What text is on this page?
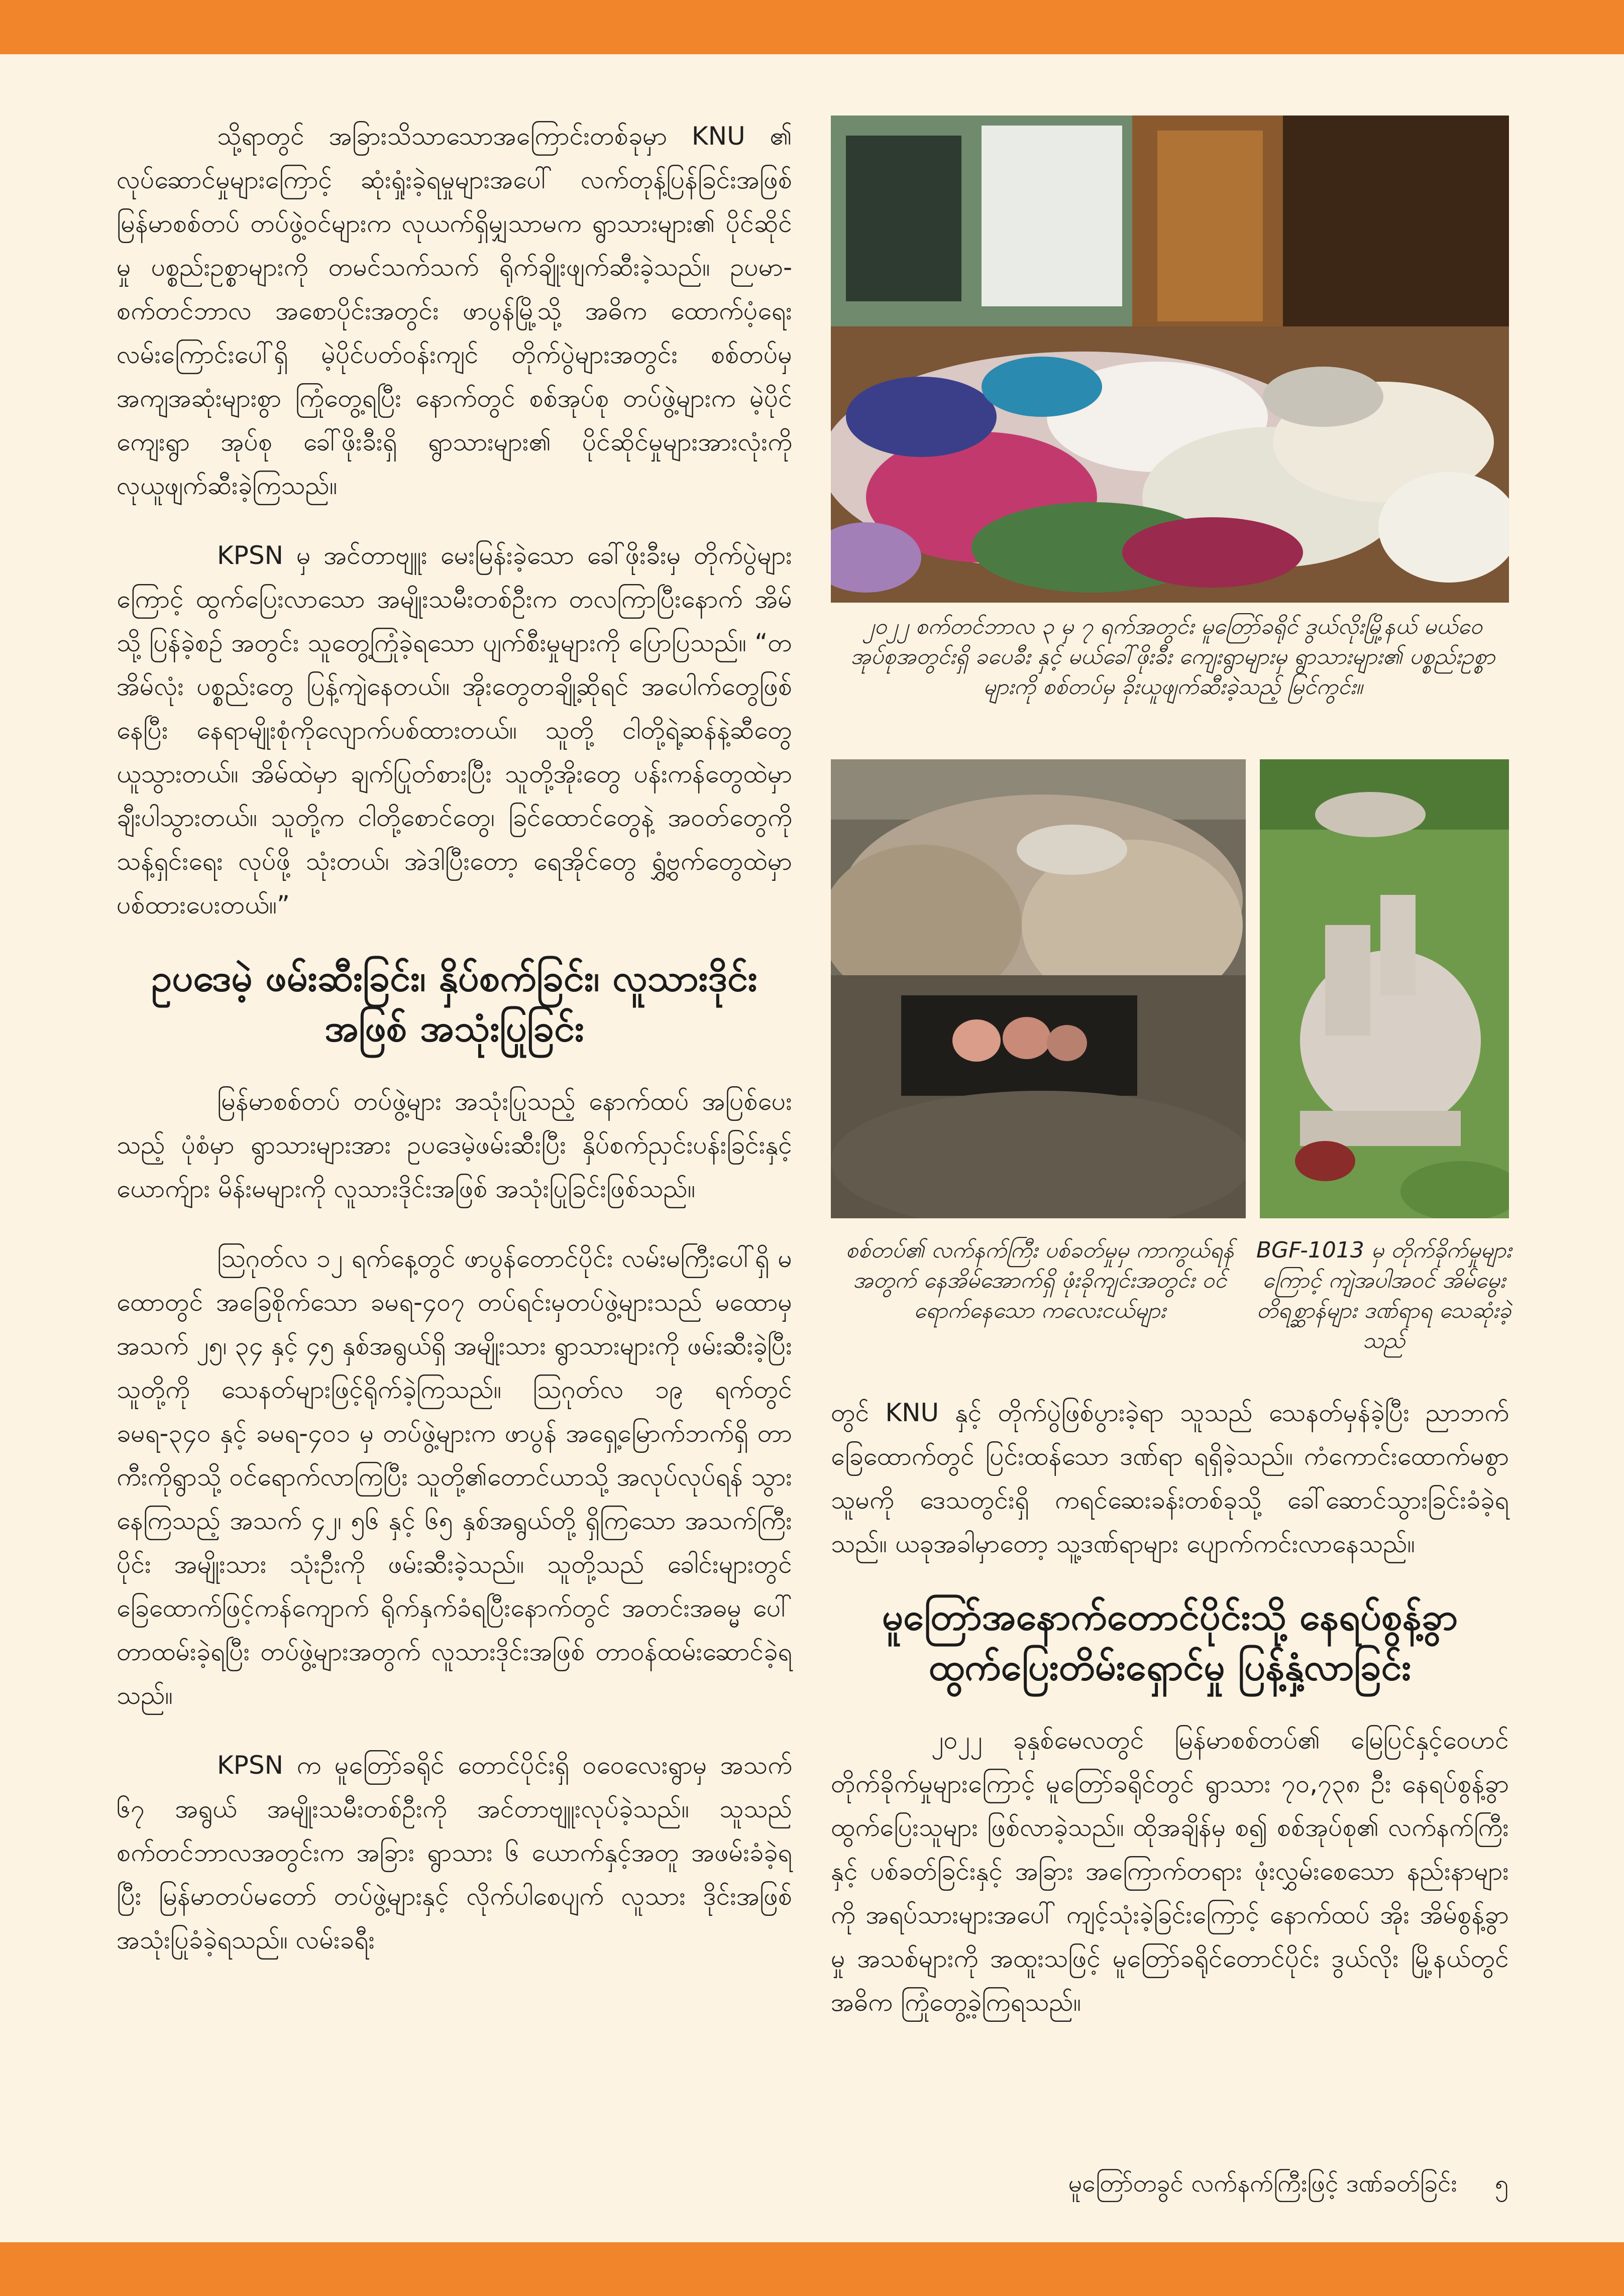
သို့ရာတွင် အခြားသိသာသောအကြောင်းတစ်ခုမှာ KNU ၏ လုပ်ဆောင်မှုများကြောင့် ဆုံးရှုံးခဲ့ရမှုများအပေါ် လက်တုန့်ပြန်ခြင်းအဖြစ်မြန်မာစစ်တပ် တပ်ဖွဲ့ဝင်များက လုယက်ရှိမျှသာမက ရွာသားများ၏ ပိုင်ဆိုင်မှု ပစ္စည်းဥစ္စာများကို တမင်သက်သက် ရိုက်ချိုးဖျက်ဆီးခဲ့သည်။ ဉပမာ- စက်တင်ဘာလ အစောပိုင်းအတွင်း ဖာပွန်မြို့သို့ အဓိက ထောက်ပံ့ရေး လမ်းကြောင်းပေါ်ရှိ မဲ့ပိုင်ပတ်ဝန်းကျင် တိုက်ပွဲများအတွင်း စစ်တပ်မှ အကျအဆုံးများစွာ ကြုံတွေ့ရပြီး နောက်တွင် စစ်အုပ်စု တပ်ဖွဲ့များက မဲ့ပိုင် ကျေးရွာ အုပ်စု ခေါ်ဖိုးခီးရှိ ရွာသားများ၏ ပိုင်ဆိုင်မှုများအားလုံးကို လုယူဖျက်ဆီးခဲ့ကြသည်။

KPSN မှ အင်တာဗျူး မေးမြန်းခဲ့သော ခေါ်ဖိုးခီးမှ တိုက်ပွဲများကြောင့် ထွက်ပြေးလာသော အမျိုးသမီးတစ်ဦးက တလကြာပြီးနောက် အိမ်သို့ ပြန်ခဲ့စဉ် အတွင်း သူတွေ့ကြုံခဲ့ရသော ပျက်စီးမှုများကို ပြောပြသည်။ “တအိမ်လုံး ပစ္စည်းတွေ ပြန့်ကျဲနေတယ်။ အိုးတွေတချို့ဆိုရင် အပေါက်တွေဖြစ်နေပြီး နေရာမျိုးစုံကိုလျောက်ပစ်ထားတယ်။ သူတို့ ငါတို့ရဲ့ဆန်နဲ့ဆီတွေ ယူသွားတယ်။ အိမ်ထဲမှာ ချက်ပြုတ်စားပြီး သူတို့အိုးတွေ ပန်းကန်တွေထဲမှာ ချီးပါသွားတယ်။ သူတို့က ငါတို့စောင်တွေ၊ ခြင်ထောင်တွေနဲ့ အဝတ်တွေကို သန့်ရှင်းရေး လုပ်ဖို့ သုံးတယ်၊ အဲဒါပြီးတော့ ရေအိုင်တွေ ရွှံ့ဗွက်တွေထဲမှာ ပစ်ထားပေးတယ်။”

ဥပဒေမဲ့ ဖမ်းဆီးခြင်း၊ နှိပ်စက်ခြင်း၊ လူသားဒိုင်းအဖြစ် အသုံးပြုခြင်း

မြန်မာစစ်တပ် တပ်ဖွဲ့များ အသုံးပြုသည့် နောက်ထပ် အပြစ်ပေးသည့် ပုံစံမှာ ရွာသားများအား ဥပဒေမဲ့ဖမ်းဆီးပြီး နှိပ်စက်ညှင်းပန်းခြင်းနှင့် ယောက်ျား မိန်းမများကို လူသားဒိုင်းအဖြစ် အသုံးပြုခြင်းဖြစ်သည်။

ဩဂုတ်လ ၁၂ ရက်နေ့တွင် ဖာပွန်တောင်ပိုင်း လမ်းမကြီးပေါ်ရှိ မထောတွင် အခြေစိုက်သော ခမရ-၄၀၇ တပ်ရင်းမှတပ်ဖွဲ့များသည် မထောမှ အသက် ၂၅၊ ၃၄ နှင့် ၄၅ နှစ်အရွယ်ရှိ အမျိုးသား ရွာသားများကို ဖမ်းဆီးခဲ့ပြီး သူတို့ကို သေနတ်များဖြင့်ရိုက်ခဲ့ကြသည်။ ဩဂုတ်လ ၁၉ ရက်တွင် ခမရ-၃၄၀ နှင့် ခမရ-၄၀၁ မှ တပ်ဖွဲ့များက ဖာပွန် အရှေ့မြောက်ဘက်ရှိ တာကီးကိုရွာသို့ ဝင်ရောက်လာကြပြီး သူတို့၏တောင်ယာသို့ အလုပ်လုပ်ရန် သွားနေကြသည့် အသက် ၄၂၊ ၅၆ နှင့် ၆၅ နှစ်အရွယ်တို့ ရှိကြသော အသက်ကြီးပိုင်း အမျိုးသား သုံးဦးကို ဖမ်းဆီးခဲ့သည်။ သူတို့သည် ခေါင်းများတွင် ခြေထောက်ဖြင့်ကန်ကျောက် ရိုက်နှက်ခံရပြီးနောက်တွင် အတင်းအဓမ္မ ပေါ်တာထမ်းခဲ့ရပြီး တပ်ဖွဲ့များအတွက် လူသားဒိုင်းအဖြစ် တာဝန်ထမ်းဆောင်ခဲ့ရသည်။

KPSN က မူတြော်ခရိုင် တောင်ပိုင်းရှိ ဝဝေလေးရွာမှ အသက် ၆၇ အရွယ် အမျိုးသမီးတစ်ဦးကို အင်တာဗျူးလုပ်ခဲ့သည်။ သူသည် စက်တင်ဘာလအတွင်းက အခြား ရွာသား ၆ ယောက်နှင့်အတူ အဖမ်းခံခဲ့ရပြီး မြန်မာတပ်မတော် တပ်ဖွဲ့များနှင့် လိုက်ပါစေပျက် လူသား ဒိုင်းအဖြစ် အသုံးပြုခံခဲ့ရသည်။ လမ်းခရီး

၂၀၂၂ စက်တင်ဘာလ ၃ မှ ၇ ရက်အတွင်း မူတြော်ခရိုင် ဒွယ်လိုးမြို့နယ် မယ်ဝေ အုပ်စုအတွင်းရှိ ခပေခီး နှင့် မယ်ခေါ်ဖိုးခီး ကျေးရွာများမှ ရွာသားများ၏ ပစ္စည်းဥစ္စာများကို စစ်တပ်မှ ခိုးယူဖျက်ဆီးခဲ့သည့် မြင်ကွင်း။
စစ်တပ်၏ လက်နက်ကြီး ပစ်ခတ်မှုမှ ကာကွယ်ရန်အတွက် နေအိမ်အောက်ရှိ ဖုံးခိုကျင်းအတွင်း ဝင်ရောက်နေသော ကလေးငယ်များ
BGF-1013 မှ တိုက်ခိုက်မှုများကြောင့် ကျဲအပါအဝင် အိမ်မွေးတိရစ္ဆာန်များ ဒဏ်ရာရ သေဆုံးခဲ့သည်

တွင် KNU နှင့် တိုက်ပွဲဖြစ်ပွားခဲ့ရာ သူသည် သေနတ်မှန်ခဲ့ပြီး ညာဘက်ခြေထောက်တွင် ပြင်းထန်သော ဒဏ်ရာ ရရှိခဲ့သည်။ ကံကောင်းထောက်မစွာ သူမကို ဒေသတွင်းရှိ ကရင်ဆေးခန်းတစ်ခုသို့ ခေါ်ဆောင်သွားခြင်းခံခဲ့ရသည်။ ယခုအခါမှာတော့ သူ့ဒဏ်ရာများ ပျောက်ကင်းလာနေသည်။

မူတြော်အနောက်တောင်ပိုင်းသို့ နေရပ်စွန့်ခွာ ထွက်ပြေးတိမ်းရှောင်မှု ပြန့်နှံ့လာခြင်း

၂၀၂၂ ခုနှစ်မေလတွင် မြန်မာစစ်တပ်၏ မြေပြင်နှင့်ဝေဟင် တိုက်ခိုက်မှုများကြောင့် မူတြော်ခရိုင်တွင် ရွာသား ၇၀,၇၃၈ ဦး နေရပ်စွန့်ခွာထွက်ပြေးသူများ ဖြစ်လာခဲ့သည်။ ထိုအချိန်မှ စ၍ စစ်အုပ်စု၏ လက်နက်ကြီးနှင့် ပစ်ခတ်ခြင်းနှင့် အခြား အကြောက်တရား ဖုံးလွှမ်းစေသော နည်းနာများကို အရပ်သားများအပေါ် ကျင့်သုံးခဲ့ခြင်းကြောင့် နောက်ထပ် အိုး အိမ်စွန့်ခွာမှု အသစ်များကို အထူးသဖြင့် မူတြော်ခရိုင်တောင်ပိုင်း ဒွယ်လိုး မြို့နယ်တွင် အဓိက ကြုံတွေ့ခဲ့ကြရသည်။

မူတြော်တခွင် လက်နက်ကြီးဖြင့် ဒဏ်ခတ်ခြင်း ၅
